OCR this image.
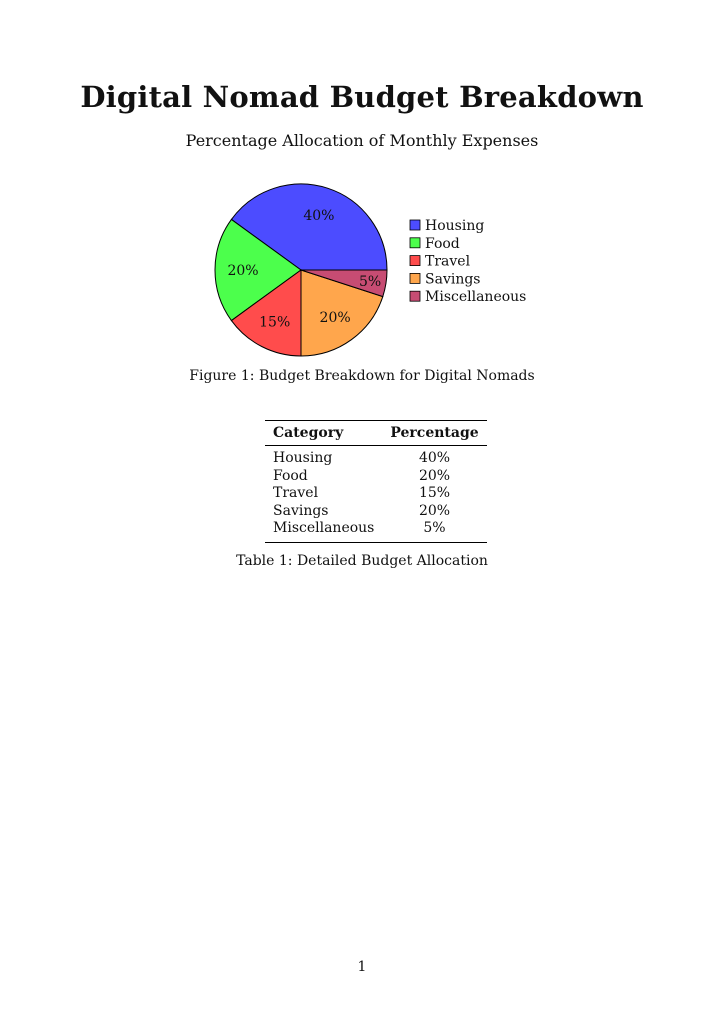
Digital Nomad Budget Breakdown
Percentage Allocation of Monthly Expenses
40%
20%
15% 20%
5%
Housing
Food
Travel
Savings
Miscellaneous
Figure 1: Budget Breakdown for Digital Nomads
Category	Percentage
Housing	40%
Food	20%
Travel	15%
Savings	20%
Miscellaneous	5%
Table 1: Detailed Budget Allocation
1
